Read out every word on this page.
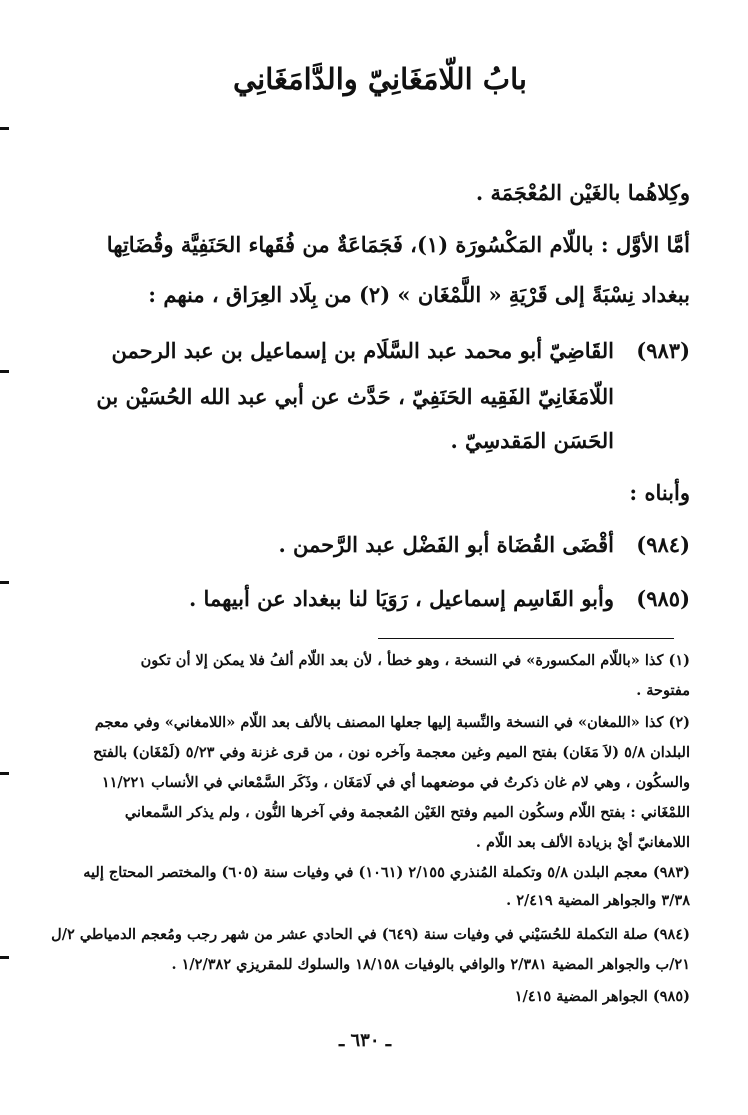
بابُ اللّامَغَانِيّ والدَّامَغَانِي
وكِلاهُما بالغَيْن المُعْجَمَة .
أمَّا الأوَّل : باللّام المَكْسُورَة (١)، فَجَمَاعَةٌ من فُقَهاء الحَنَفِيَّة وقُضَاتِها
ببغداد نِسْبَةً إلى قَرْيَةِ « اللَّمْغَان » (٢) من بِلَاد العِرَاق ، منهم :
(٩٨٣)
القَاضِيّ أبو محمد عبد السَّلَام بن إسماعيل بن عبد الرحمن
اللّامَغَانِيّ الفَقِيه الحَنَفِيّ ، حَدَّث عن أبي عبد الله الحُسَيْن بن
الحَسَن المَقدسِيّ .
وأبناه :
(٩٨٤)
أقْضَى القُضَاة أبو الفَضْل عبد الرَّحمن .
(٩٨٥)
وأبو القَاسِم إسماعيل ، رَوَيَا لنا ببغداد عن أبيهما .
(١) كذا «باللّام المكسورة» في النسخة ، وهو خطأ ، لأن بعد اللّام ألفُ فلا يمكن إلا أن تكون
مفتوحة .
(٢) كذا «اللمغان» في النسخة والنِّسبة إليها جعلها المصنف بالألف بعد اللّام «اللامغاني» وفي معجم
البلدان ٥/٨ (لاَ مَغَان) بفتح الميم وغين معجمة وآخره نون ، من قرى غزنة وفي ٥/٢٣ (لَمْغَان) بالفتح
والسكُون ، وهي لام غان ذكرتُ في موضعهما أي في لَامَغَان ، وذَكَر السَّمْعاني في الأنساب ١١/٢٢١
اللمْغَاني : بفتح اللّام وسكُون الميم وفتح الغَيْن المُعجمة وفي آخرها النُّون ، ولم يذكر السَّمعاني
اللامغانيّ أيْ بزيادة الألف بعد اللّام .
(٩٨٣) معجم البلدن ٥/٨ وتكملة المُنذري ٢/١٥٥ (١٠٦١) في وفيات سنة (٦٠٥) والمختصر المحتاج إليه
٣/٣٨ والجواهر المضية ٢/٤١٩ .
(٩٨٤) صلة التكملة للحُسَيْني في وفيات سنة (٦٤٩) في الحادي عشر من شهر رجب ومُعجم الدمياطي ٢/ل
٢١/ب والجواهر المضية ٢/٣٨١ والوافي بالوفيات ١٨/١٥٨ والسلوك للمقريزي ١/٢/٣٨٢ .
(٩٨٥) الجواهر المضية ١/٤١٥
ـ ٦٣٠ ـ
